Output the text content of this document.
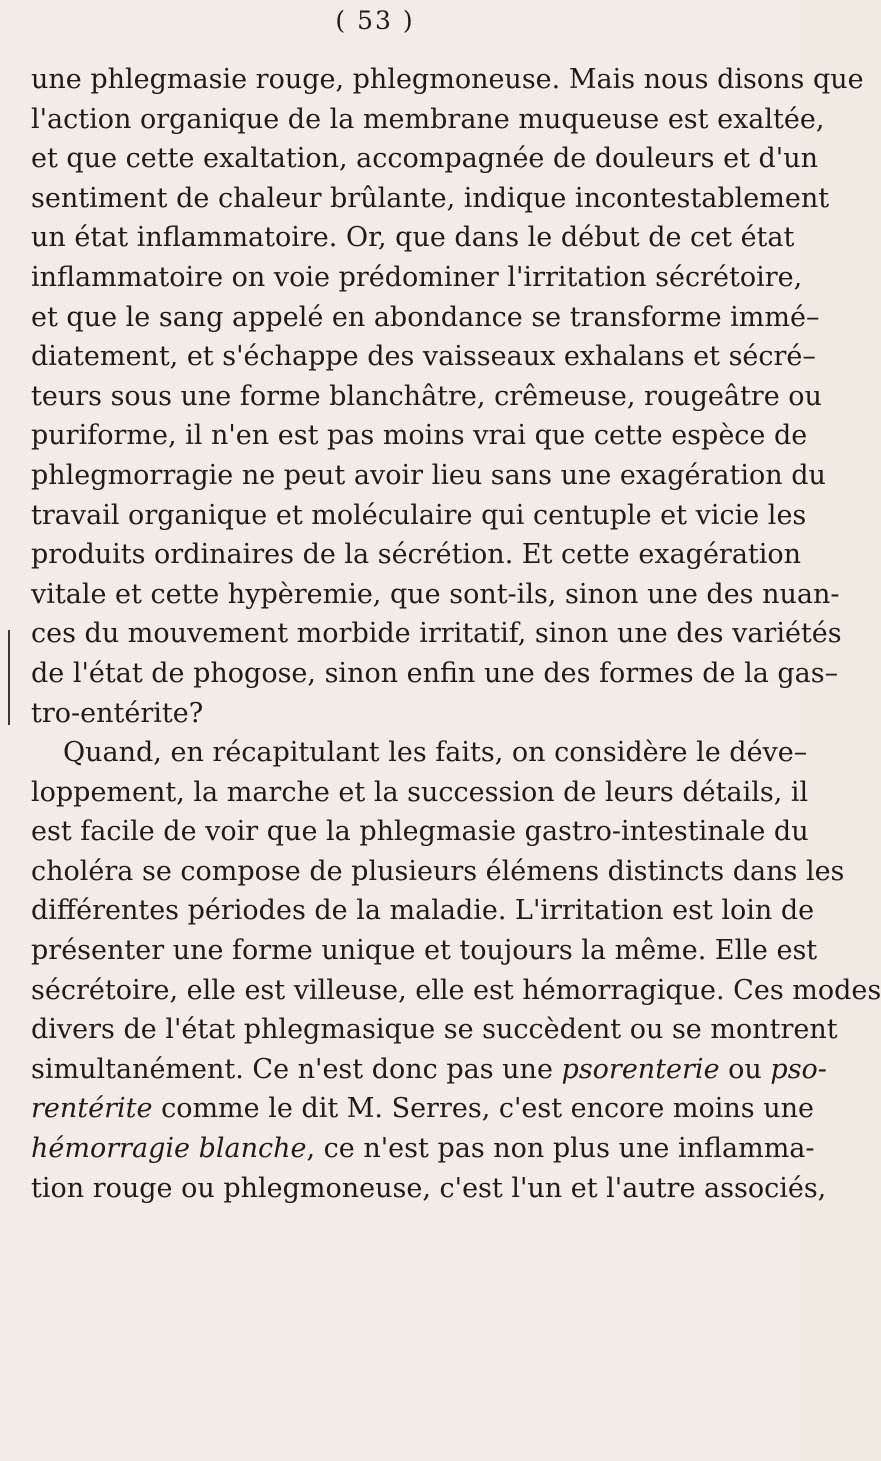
( 53 )
une phlegmasie rouge, phlegmoneuse. Mais nous disons que
l'action organique de la membrane muqueuse est exaltée,
et que cette exaltation, accompagnée de douleurs et d'un
sentiment de chaleur brûlante, indique incontestablement
un état inflammatoire. Or, que dans le début de cet état
inflammatoire on voie prédominer l'irritation sécrétoire,
et que le sang appelé en abondance se transforme immé–
diatement, et s'échappe des vaisseaux exhalans et sécré–
teurs sous une forme blanchâtre, crêmeuse, rougeâtre ou
puriforme, il n'en est pas moins vrai que cette espèce de
phlegmorragie ne peut avoir lieu sans une exagération du
travail organique et moléculaire qui centuple et vicie les
produits ordinaires de la sécrétion. Et cette exagération
vitale et cette hypèremie, que sont-ils, sinon une des nuan-
ces du mouvement morbide irritatif, sinon une des variétés
de l'état de phogose, sinon enfin une des formes de la gas–
tro-entérite?
Quand, en récapitulant les faits, on considère le déve–
loppement, la marche et la succession de leurs détails, il
est facile de voir que la phlegmasie gastro-intestinale du
choléra se compose de plusieurs élémens distincts dans les
différentes périodes de la maladie. L'irritation est loin de
présenter une forme unique et toujours la même. Elle est
sécrétoire, elle est villeuse, elle est hémorragique. Ces modes
divers de l'état phlegmasique se succèdent ou se montrent
simultanément. Ce n'est donc pas une psorenterie ou pso-
rentérite comme le dit M. Serres, c'est encore moins une
hémorragie blanche, ce n'est pas non plus une inflamma-
tion rouge ou phlegmoneuse, c'est l'un et l'autre associés,
